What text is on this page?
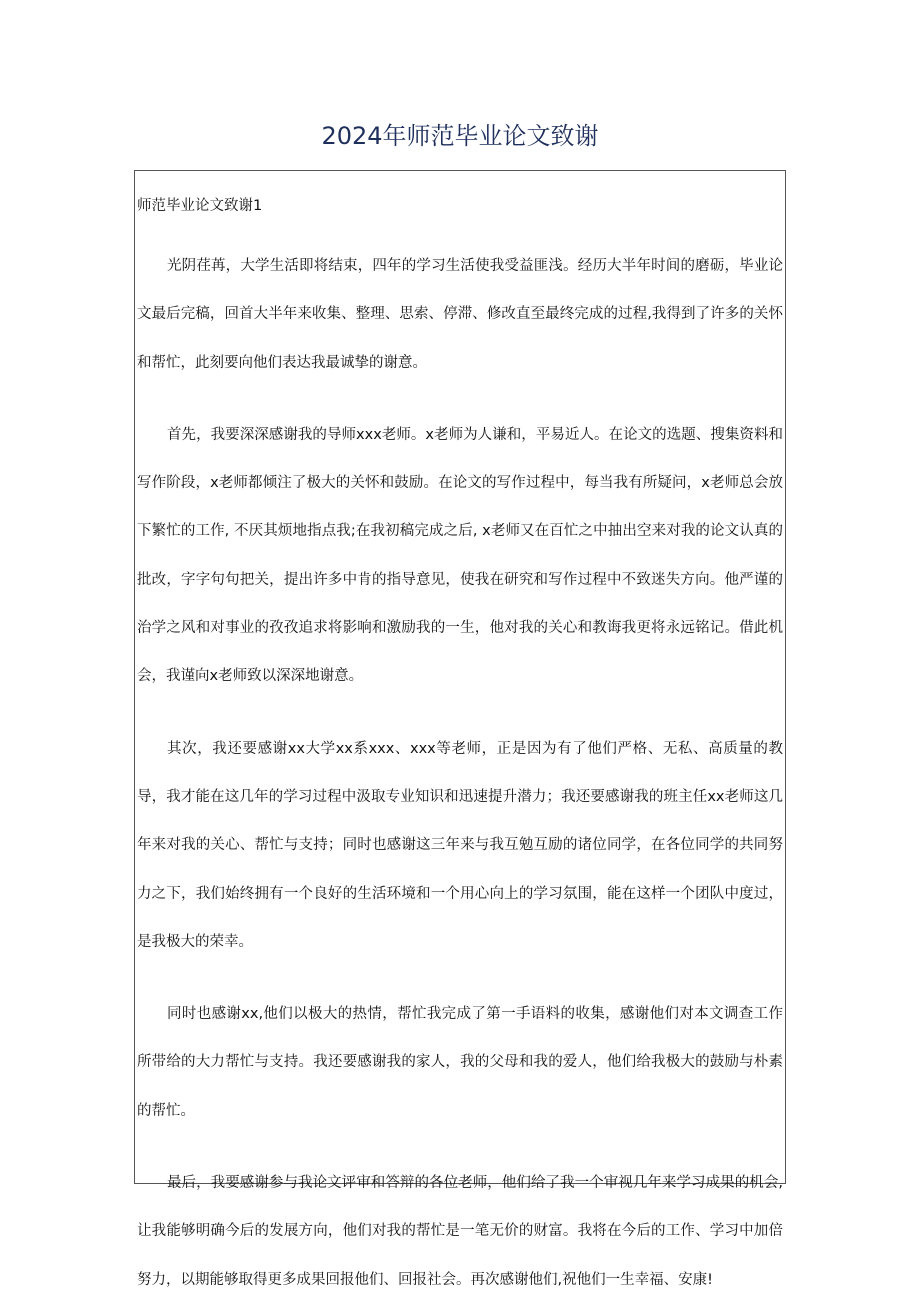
2024年师范毕业论文致谢
师范毕业论文致谢1

光阴荏苒，大学生活即将结束，四年的学习生活使我受益匪浅。经历大半年时间的磨砺，毕业论文最后完稿，回首大半年来收集、整理、思索、停滞、修改直至最终完成的过程,我得到了许多的关怀和帮忙，此刻要向他们表达我最诚挚的谢意。

首先，我要深深感谢我的导师xxx老师。x老师为人谦和，平易近人。在论文的选题、搜集资料和写作阶段，x老师都倾注了极大的关怀和鼓励。在论文的写作过程中，每当我有所疑问，x老师总会放下繁忙的工作, 不厌其烦地指点我;在我初稿完成之后, x老师又在百忙之中抽出空来对我的论文认真的批改，字字句句把关，提出许多中肯的指导意见，使我在研究和写作过程中不致迷失方向。他严谨的治学之风和对事业的孜孜追求将影响和激励我的一生，他对我的关心和教诲我更将永远铭记。借此机会，我谨向x老师致以深深地谢意。

其次，我还要感谢xx大学xx系xxx、xxx等老师，正是因为有了他们严格、无私、高质量的教导，我才能在这几年的学习过程中汲取专业知识和迅速提升潜力；我还要感谢我的班主任xx老师这几年来对我的关心、帮忙与支持；同时也感谢这三年来与我互勉互励的诸位同学，在各位同学的共同努力之下，我们始终拥有一个良好的生活环境和一个用心向上的学习氛围，能在这样一个团队中度过，是我极大的荣幸。

同时也感谢xx,他们以极大的热情，帮忙我完成了第一手语料的收集，感谢他们对本文调查工作所带给的大力帮忙与支持。我还要感谢我的家人，我的父母和我的爱人，他们给我极大的鼓励与朴素的帮忙。

最后，我要感谢参与我论文评审和答辩的各位老师，他们给了我一个审视几年来学习成果的机会,让我能够明确今后的发展方向，他们对我的帮忙是一笔无价的财富。我将在今后的工作、学习中加倍努力，以期能够取得更多成果回报他们、回报社会。再次感谢他们,祝他们一生幸福、安康!
